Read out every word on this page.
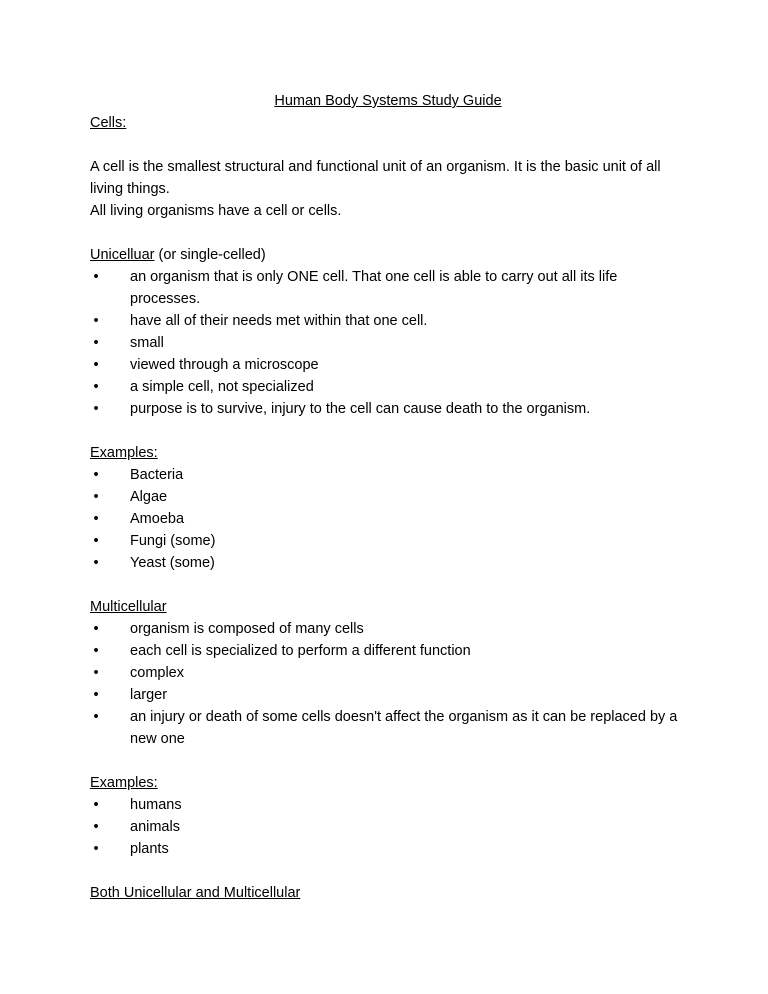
Human Body Systems Study Guide

Cells:

A cell is the smallest structural and functional unit of an organism. It is the basic unit of all living things.

All living organisms have a cell or cells.

Unicelluar (or single-celled)

• an organism that is only ONE cell. That one cell is able to carry out all its life processes.
• have all of their needs met within that one cell.
• small
• viewed through a microscope
• a simple cell, not specialized
• purpose is to survive, injury to the cell can cause death to the organism.

Examples:

• Bacteria
• Algae
• Amoeba
• Fungi (some)
• Yeast (some)

Multicellular

• organism is composed of many cells
• each cell is specialized to perform a different function
• complex
• larger
• an injury or death of some cells doesn't affect the organism as it can be replaced by a new one

Examples:

• humans
• animals
• plants

Both Unicellular and Multicellular
